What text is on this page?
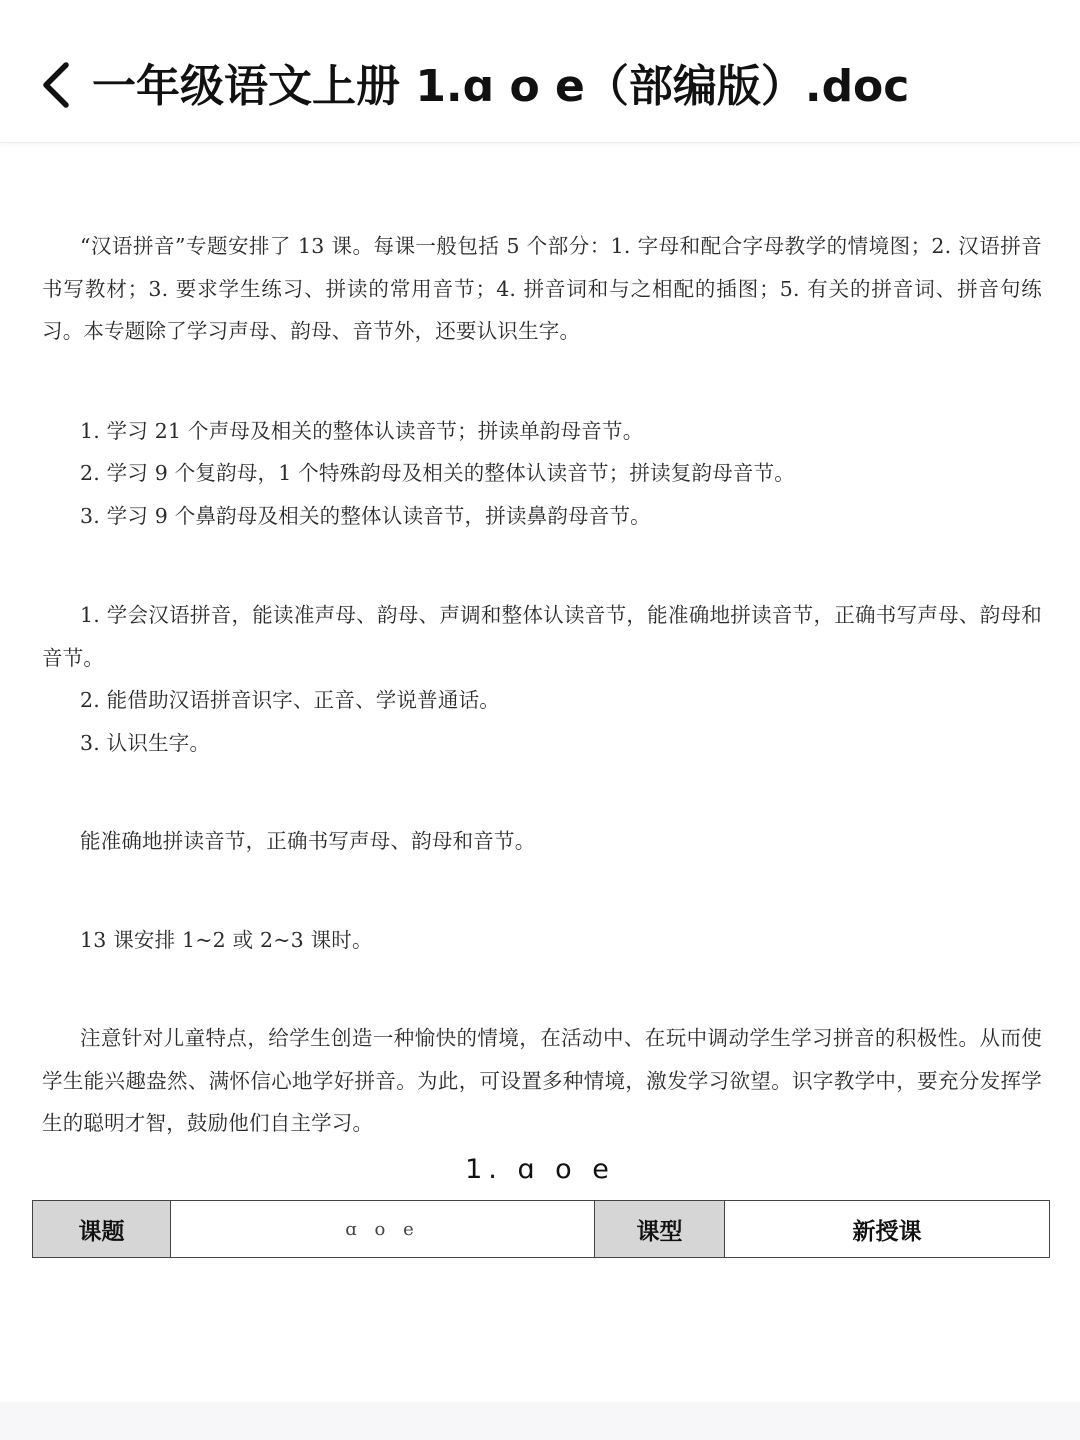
一年级语文上册 1.ɑ o e（部编版）.doc

“汉语拼音”专题安排了 13 课。每课一般包括 5 个部分：1. 字母和配合字母教学的情境图；2. 汉语拼音书写教材；3. 要求学生练习、拼读的常用音节；4. 拼音词和与之相配的插图；5. 有关的拼音词、拼音句练习。本专题除了学习声母、韵母、音节外，还要认识生字。

1. 学习 21 个声母及相关的整体认读音节；拼读单韵母音节。

2. 学习 9 个复韵母，1 个特殊韵母及相关的整体认读音节；拼读复韵母音节。

3. 学习 9 个鼻韵母及相关的整体认读音节，拼读鼻韵母音节。

1. 学会汉语拼音，能读准声母、韵母、声调和整体认读音节，能准确地拼读音节，正确书写声母、韵母和音节。

2. 能借助汉语拼音识字、正音、学说普通话。

3. 认识生字。

能准确地拼读音节，正确书写声母、韵母和音节。

13 课安排 1~2 或 2~3 课时。

注意针对儿童特点，给学生创造一种愉快的情境，在活动中、在玩中调动学生学习拼音的积极性。从而使学生能兴趣盎然、满怀信心地学好拼音。为此，可设置多种情境，激发学习欲望。识字教学中，要充分发挥学生的聪明才智，鼓励他们自主学习。

1. ɑ o e
课题	ɑ o e	课型	新授课
